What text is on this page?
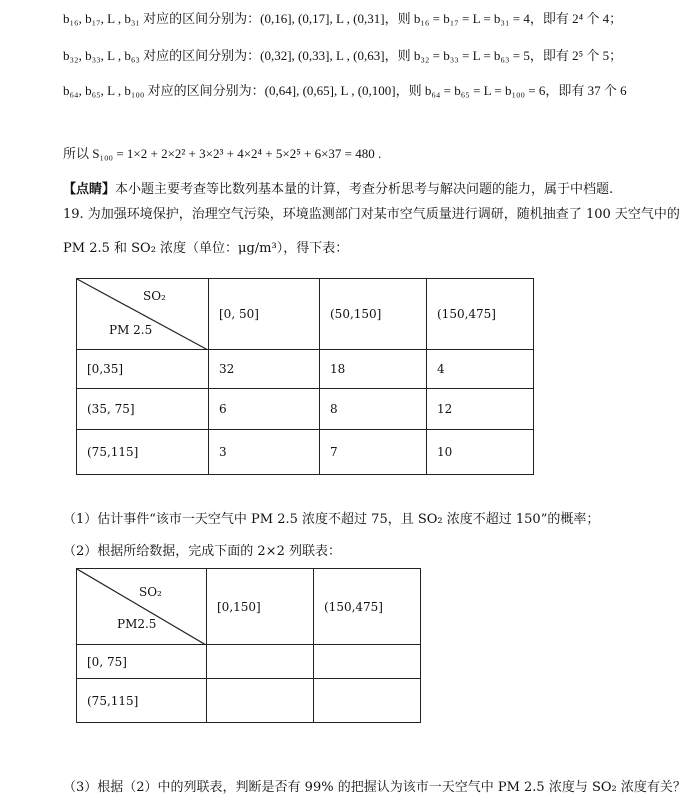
b₁₆, b₁₇, L , b₃₁ 对应的区间分别为：(0,16], (0,17], L , (0,31]，则 b₁₆ = b₁₇ = L = b₃₁ = 4，即有 2⁴ 个 4；
b₃₂, b₃₃, L , b₆₃ 对应的区间分别为：(0,32], (0,33], L , (0,63]，则 b₃₂ = b₃₃ = L = b₆₃ = 5，即有 2⁵ 个 5；
b₆₄, b₆₅, L , b₁₀₀ 对应的区间分别为：(0,64], (0,65], L , (0,100]，则 b₆₄ = b₆₅ = L = b₁₀₀ = 6，即有 37 个 6
所以 S₁₀₀ = 1×2 + 2×2² + 3×2³ + 4×2⁴ + 5×2⁵ + 6×37 = 480 .
【点睛】本小题主要考查等比数列基本量的计算，考查分析思考与解决问题的能力，属于中档题.
19. 为加强环境保护，治理空气污染，环境监测部门对某市空气质量进行调研，随机抽查了 100 天空气中的
PM 2.5 和 SO₂ 浓度（单位：μg/m³），得下表：
SO₂
PM 2.5	[0, 50]	(50,150]	(150,475]
[0,35]	32	18	4
(35, 75]	6	8	12
(75,115]	3	7	10
（1）估计事件“该市一天空气中 PM 2.5 浓度不超过 75，且 SO₂ 浓度不超过 150”的概率；
（2）根据所给数据，完成下面的 2×2 列联表：
SO₂
PM2.5	[0,150]	(150,475]
[0, 75]		
(75,115]		
（3）根据（2）中的列联表，判断是否有 99% 的把握认为该市一天空气中 PM 2.5 浓度与 SO₂ 浓度有关？
